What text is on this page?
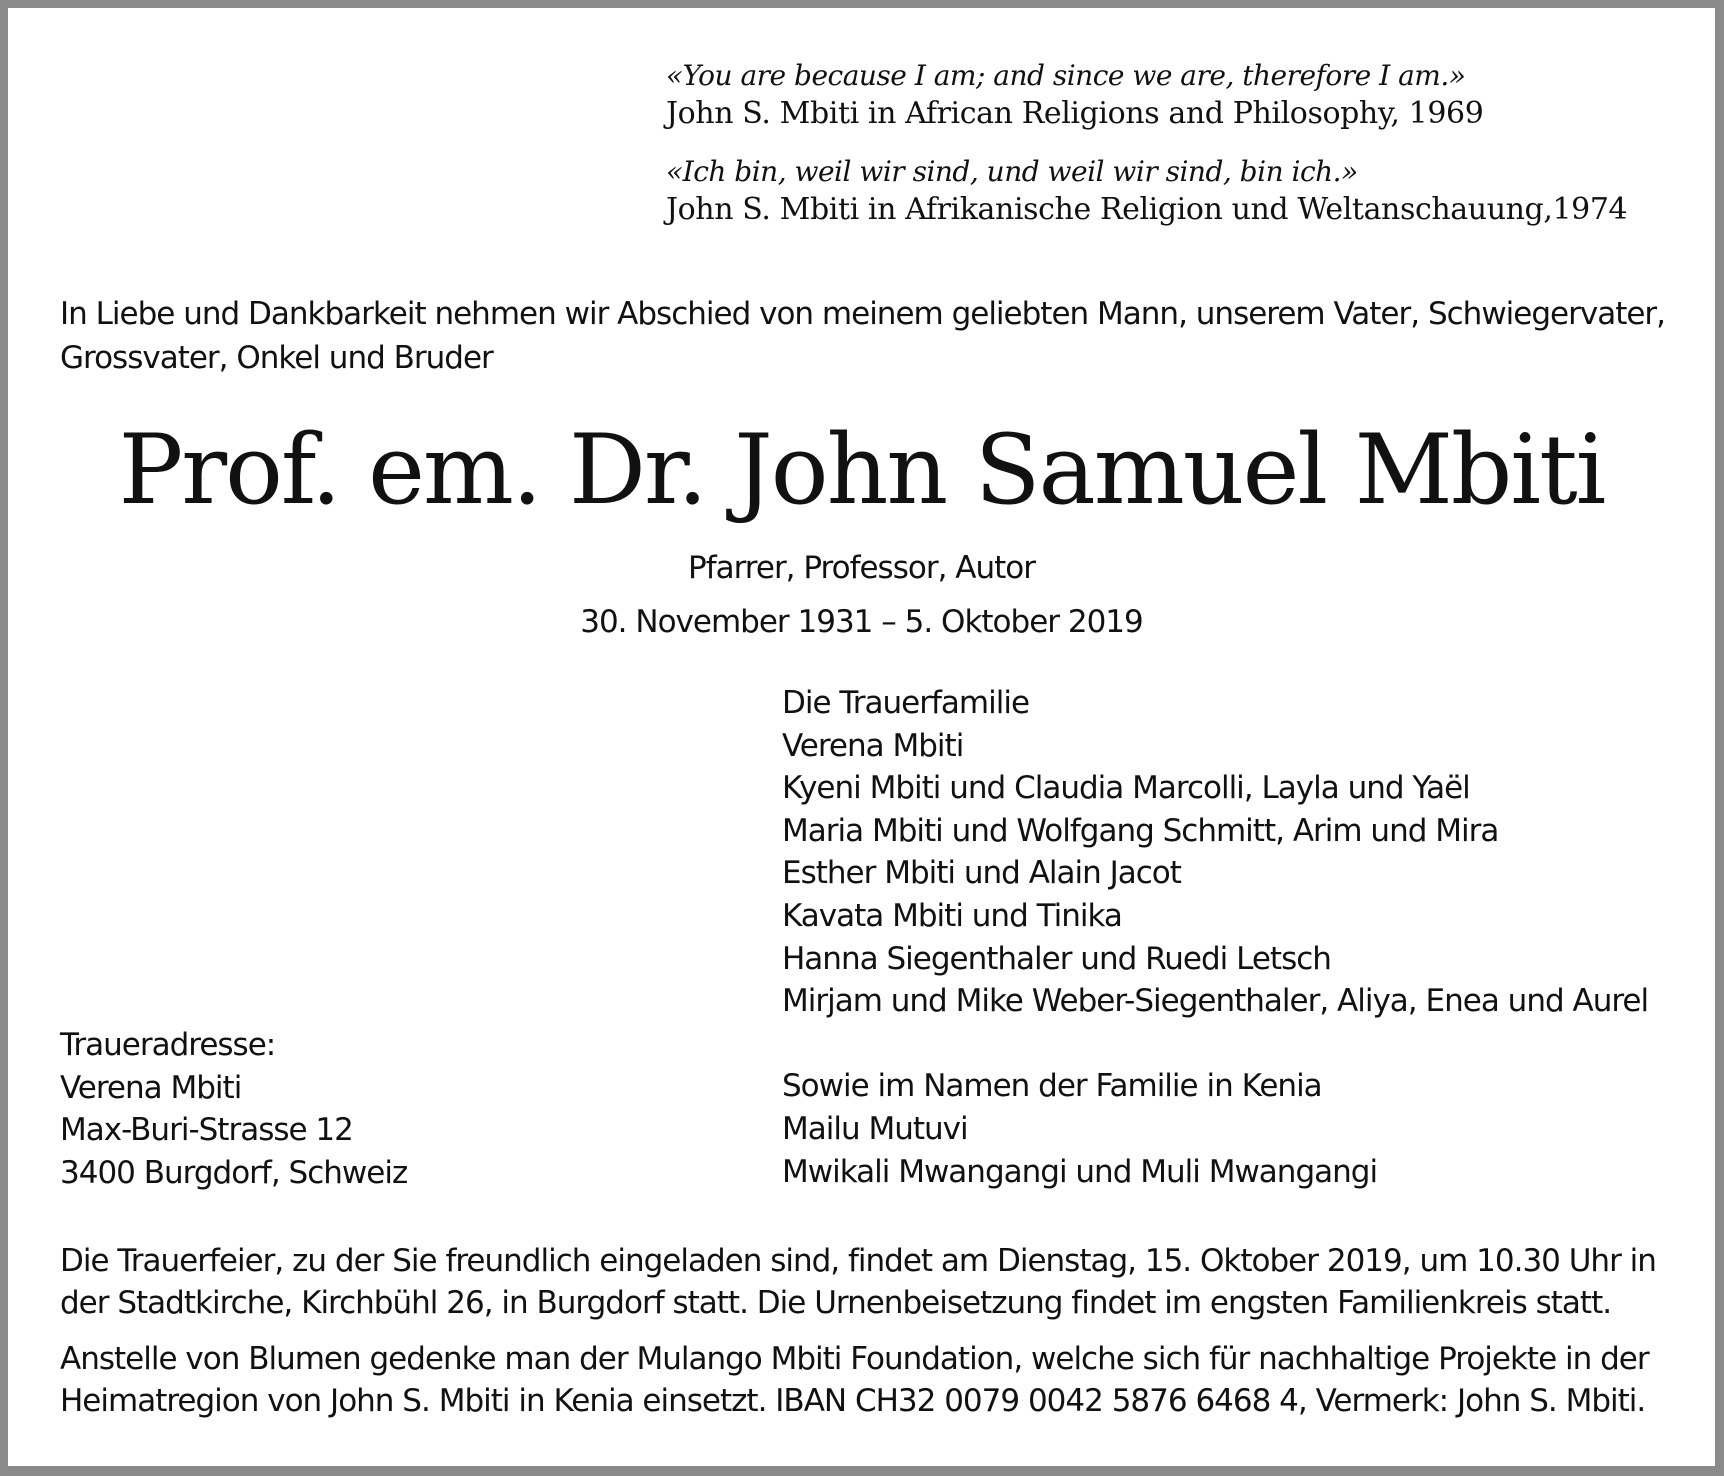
«You are because I am; and since we are, therefore I am.»
John S. Mbiti in African Religions and Philosophy, 1969
«Ich bin, weil wir sind, und weil wir sind, bin ich.»
John S. Mbiti in Afrikanische Religion und Weltanschauung,1974
In Liebe und Dankbarkeit nehmen wir Abschied von meinem geliebten Mann, unserem Vater, Schwiegervater, Grossvater, Onkel und Bruder
Prof. em. Dr. John Samuel Mbiti
Pfarrer, Professor, Autor
30. November 1931 – 5. Oktober 2019
Die Trauerfamilie
Verena Mbiti
Kyeni Mbiti und Claudia Marcolli, Layla und Yaël
Maria Mbiti und Wolfgang Schmitt, Arim und Mira
Esther Mbiti und Alain Jacot
Kavata Mbiti und Tinika
Hanna Siegenthaler und Ruedi Letsch
Mirjam und Mike Weber-Siegenthaler, Aliya, Enea und Aurel
Sowie im Namen der Familie in Kenia
Mailu Mutuvi
Mwikali Mwangangi und Muli Mwangangi
Traueradresse:
Verena Mbiti
Max-Buri-Strasse 12
3400 Burgdorf, Schweiz
Die Trauerfeier, zu der Sie freundlich eingeladen sind, findet am Dienstag, 15. Oktober 2019, um 10.30 Uhr in der Stadtkirche, Kirchbühl 26, in Burgdorf statt. Die Urnenbeisetzung findet im engsten Familienkreis statt.
Anstelle von Blumen gedenke man der Mulango Mbiti Foundation, welche sich für nachhaltige Projekte in der Heimatregion von John S. Mbiti in Kenia einsetzt. IBAN CH32 0079 0042 5876 6468 4, Vermerk: John S. Mbiti.
